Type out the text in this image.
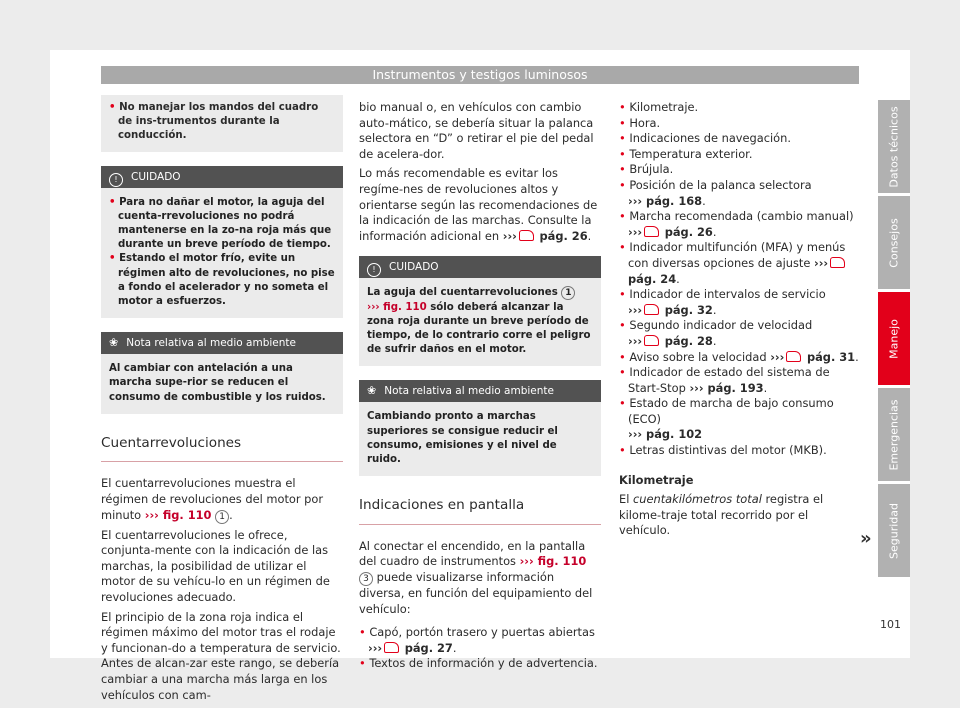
Instrumentos y testigos luminosos

• No manejar los mandos del cuadro de ins-trumentos durante la conducción.

! CUIDADO

• Para no dañar el motor, la aguja del cuenta-rrevoluciones no podrá mantenerse en la zo-na roja más que durante un breve período de tiempo.

• Estando el motor frío, evite un régimen alto de revoluciones, no pise a fondo el acelerador y no someta el motor a esfuerzos.

❀ Nota relativa al medio ambiente
Al cambiar con antelación a una marcha supe-rior se reducen el consumo de combustible y los ruidos.
Cuentarrevoluciones

El cuentarrevoluciones muestra el régimen de revoluciones del motor por minuto ››› fig. 110 1 .

El cuentarrevoluciones le ofrece, conjunta-mente con la indicación de las marchas, la posibilidad de utilizar el motor de su vehícu-lo en un régimen de revoluciones adecuado.

El principio de la zona roja indica el régimen máximo del motor tras el rodaje y funcionan-do a temperatura de servicio. Antes de alcan-zar este rango, se debería cambiar a una marcha más larga en los vehículos con cam-

bio manual o, en vehículos con cambio auto-mático, se debería situar la palanca selectora en “D” o retirar el pie del pedal de acelera-dor.

Lo más recomendable es evitar los regíme-nes de revoluciones altos y orientarse según las recomendaciones de la indicación de las marchas. Consulte la información adicional en ››› pág. 26.

! CUIDADO
La aguja del cuentarrevoluciones 1
››› fig. 110 sólo deberá alcanzar la zona roja durante un breve período de tiempo, de lo contrario corre el peligro de sufrir daños en el motor.
❀ Nota relativa al medio ambiente
Cambiando pronto a marchas superiores se consigue reducir el consumo, emisiones y el nivel de ruido.
Indicaciones en pantalla

Al conectar el encendido, en la pantalla del cuadro de instrumentos ››› fig. 110 3 puede visualizarse información diversa, en función del equipamiento del vehículo:

• Capó, portón trasero y puertas abiertas
››› pág. 27.

• Textos de información y de advertencia.

• Kilometraje.

• Hora.

• Indicaciones de navegación.

• Temperatura exterior.

• Brújula.

• Posición de la palanca selectora
››› pág. 168.

• Marcha recomendada (cambio manual)
››› pág. 26.

• Indicador multifunción (MFA) y menús con diversas opciones de ajuste ››› pág. 24.

• Indicador de intervalos de servicio
››› pág. 32.

• Segundo indicador de velocidad
››› pág. 28.

• Aviso sobre la velocidad ››› pág. 31.

• Indicador de estado del sistema de Start-Stop ››› pág. 193.

• Estado de marcha de bajo consumo (ECO)
››› pág. 102

• Letras distintivas del motor (MKB).

Kilometraje

El cuentakilómetros total registra el kilome-traje total recorrido por el vehículo.	»
Datos técnicos
Consejos
Manejo
Emergencias
Seguridad
101
